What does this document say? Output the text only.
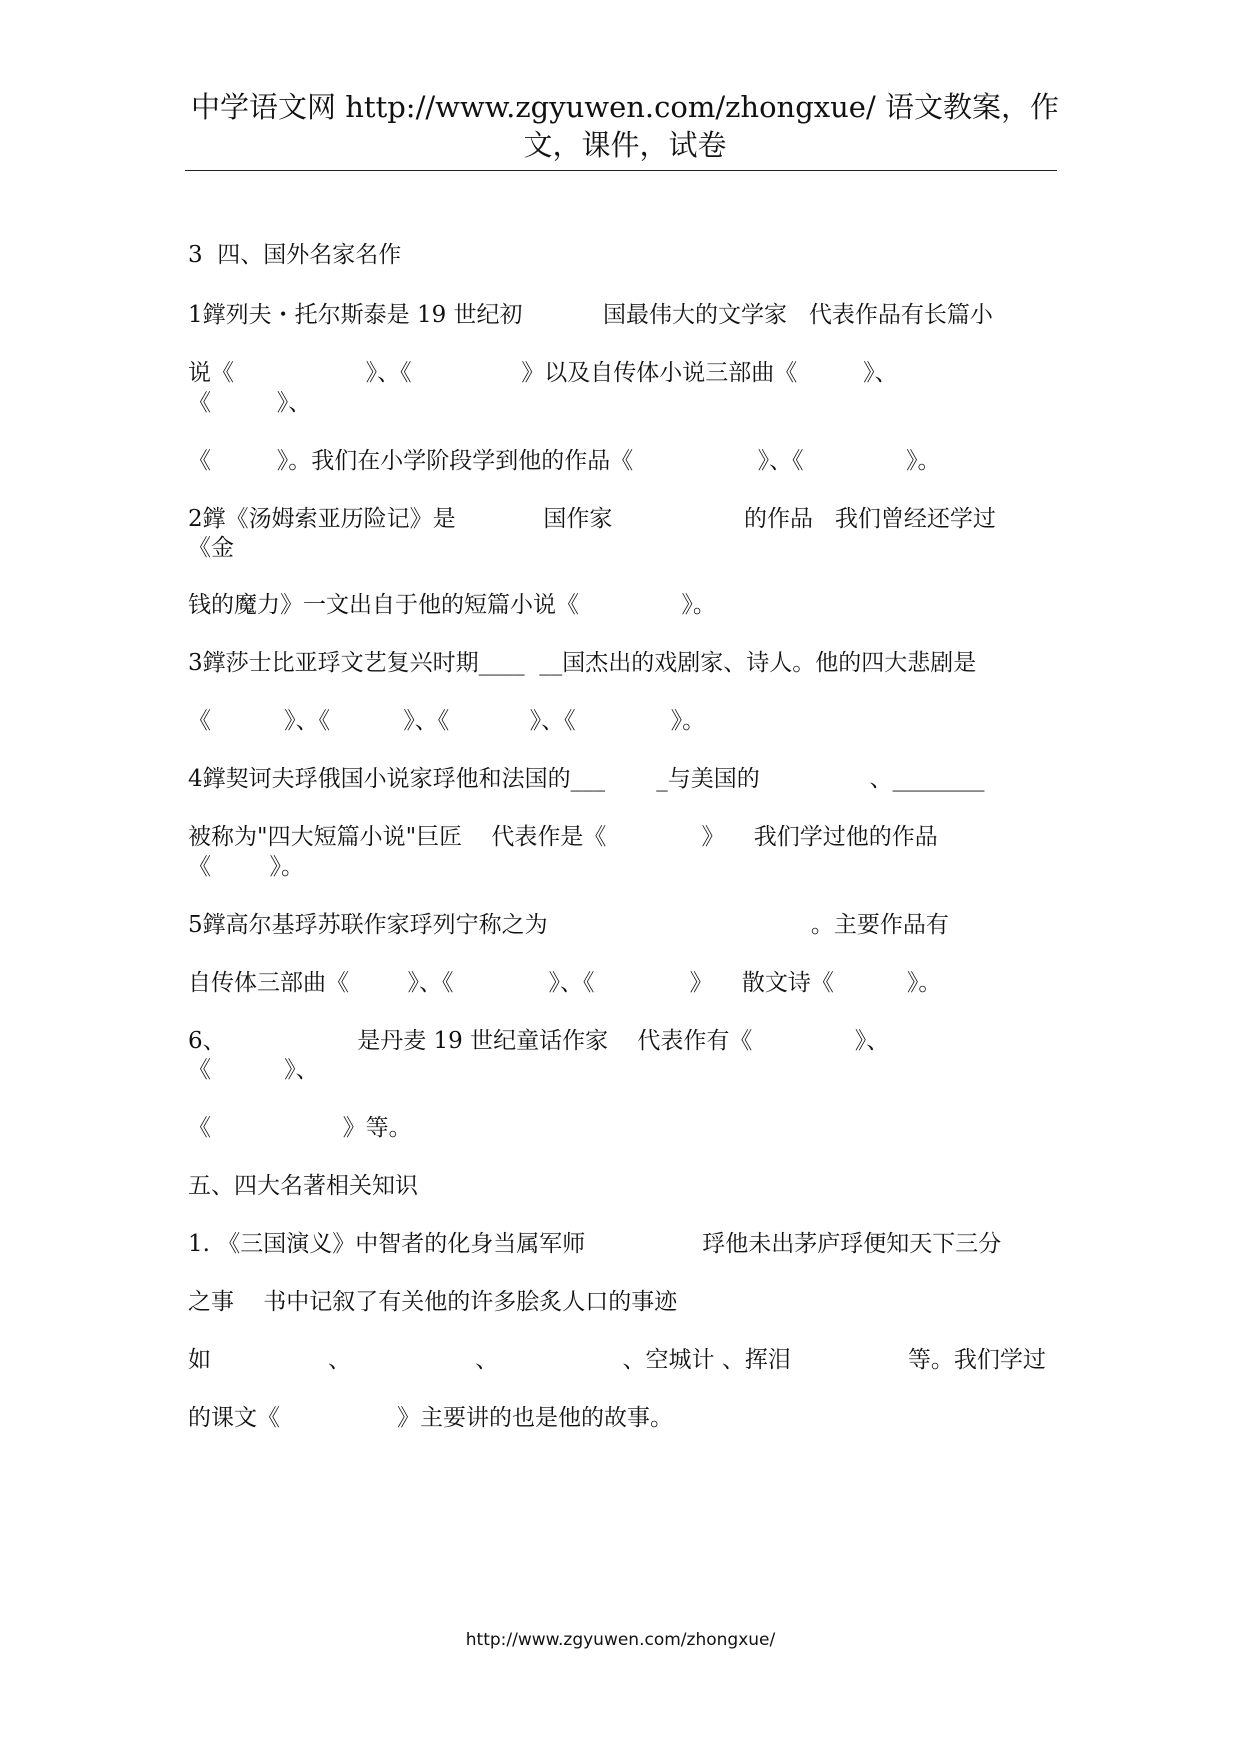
中学语文网 http://www.zgyuwen.com/zhongxue/ 语文教案，作
文，课件，试卷
3  四、国外名家名作
1鐣列夫・托尔斯泰是 19 世纪初           国最伟大的文学家   代表作品有长篇小
说《                  》、《               》以及自传体小说三部曲《         》、
《         》、
《         》。我们在小学阶段学到他的作品《                 》、《              》。
2鐣《汤姆索亚历险记》是            国作家                  的作品   我们曾经还学过
《金
钱的魔力》一文出自于他的短篇小说《              》。
3鐣莎士比亚琈文艺复兴时期____  __国杰出的戏剧家、诗人。他的四大悲剧是
《          》、《          》、《           》、《             》。
4鐣契诃夫琈俄国小说家琈他和法国的___       _与美国的               、________
被称为"四大短篇小说"巨匠    代表作是《             》    我们学过他的作品
《        》。
5鐣高尔基琈苏联作家琈列宁称之为                                    。主要作品有
自传体三部曲《        》、《             》、《             》    散文诗《          》。
6、                  是丹麦 19 世纪童话作家    代表作有《              》、
《          》、
《                  》等。
五、四大名著相关知识
1. 《三国演义》中智者的化身当属军师                琈他未出茅庐琈便知天下三分
之事    书中记叙了有关他的许多脍炙人口的事迹
如                、                 、                 、空城计 、挥泪                等。我们学过
的课文《                》主要讲的也是他的故事。
http://www.zgyuwen.com/zhongxue/
